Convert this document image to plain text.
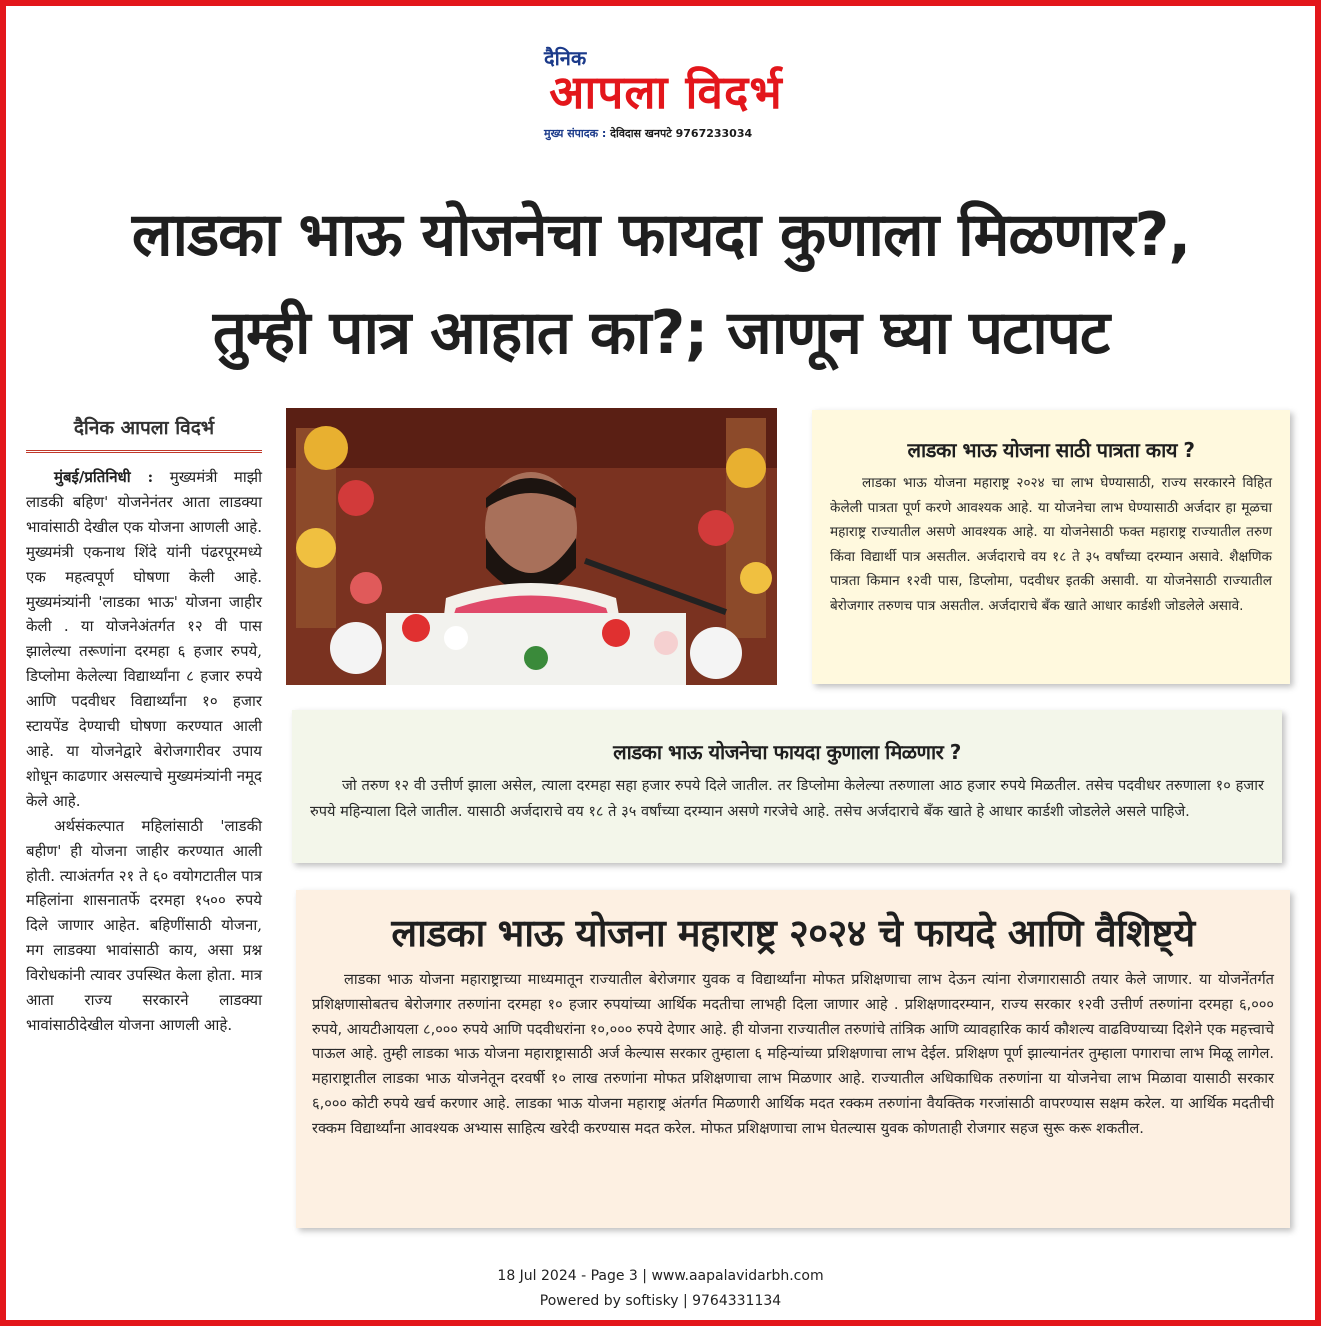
दैनिक

आपला विदर्भ

मुख्य संपादक : देविदास खनपटे 9767233034

लाडका भाऊ योजनेचा फायदा कुणाला मिळणार?,
तुम्ही पात्र आहात का?; जाणून घ्या पटापट

दैनिक आपला विदर्भ

मुंबई/प्रतिनिधी : मुख्यमंत्री माझी लाडकी बहिण' योजनेनंतर आता लाडक्या भावांसाठी देखील एक योजना आणली आहे. मुख्यमंत्री एकनाथ शिंदे यांनी पंढरपूरमध्ये एक महत्वपूर्ण घोषणा केली आहे. मुख्यमंत्र्यांनी 'लाडका भाऊ' योजना जाहीर केली . या योजनेअंतर्गत १२ वी पास झालेल्या तरूणांना दरमहा ६ हजार रुपये, डिप्लोमा केलेल्या विद्यार्थ्यांना ८ हजार रुपये आणि पदवीधर विद्यार्थ्यांना १० हजार स्टायपेंड देण्याची घोषणा करण्यात आली आहे. या योजनेद्वारे बेरोजगारीवर उपाय शोधून काढणार असल्याचे मुख्यमंत्र्यांनी नमूद केले आहे.

अर्थसंकल्पात महिलांसाठी 'लाडकी बहीण' ही योजना जाहीर करण्यात आली होती. त्याअंतर्गत २१ ते ६० वयोगटातील पात्र महिलांना शासनातर्फे दरमहा १५०० रुपये दिले जाणार आहेत. बहिणींसाठी योजना, मग लाडक्या भावांसाठी काय, असा प्रश्न विरोधकांनी त्यावर उपस्थित केला होता. मात्र आता राज्य सरकारने लाडक्या भावांसाठीदेखील योजना आणली आहे.

लाडका भाऊ योजना साठी पात्रता काय ?

लाडका भाऊ योजना महाराष्ट्र २०२४ चा लाभ घेण्यासाठी, राज्य सरकारने विहित केलेली पात्रता पूर्ण करणे आवश्यक आहे. या योजनेचा लाभ घेण्यासाठी अर्जदार हा मूळचा महाराष्ट्र राज्यातील असणे आवश्यक आहे. या योजनेसाठी फक्त महाराष्ट्र राज्यातील तरुण किंवा विद्यार्थी पात्र असतील. अर्जदाराचे वय १८ ते ३५ वर्षांच्या दरम्यान असावे. शैक्षणिक पात्रता किमान १२वी पास, डिप्लोमा, पदवीधर इतकी असावी. या योजनेसाठी राज्यातील बेरोजगार तरुणच पात्र असतील. अर्जदाराचे बँक खाते आधार कार्डशी जोडलेले असावे.

लाडका भाऊ योजनेचा फायदा कुणाला मिळणार ?

जो तरुण १२ वी उत्तीर्ण झाला असेल, त्याला दरमहा सहा हजार रुपये दिले जातील. तर डिप्लोमा केलेल्या तरुणाला आठ हजार रुपये मिळतील. तसेच पदवीधर तरुणाला १० हजार रुपये महिन्याला दिले जातील. यासाठी अर्जदाराचे वय १८ ते ३५ वर्षांच्या दरम्यान असणे गरजेचे आहे. तसेच अर्जदाराचे बँक खाते हे आधार कार्डशी जोडलेले असले पाहिजे.

लाडका भाऊ योजना महाराष्ट्र २०२४ चे फायदे आणि वैशिष्ट्ये

लाडका भाऊ योजना महाराष्ट्राच्या माध्यमातून राज्यातील बेरोजगार युवक व विद्यार्थ्यांना मोफत प्रशिक्षणाचा लाभ देऊन त्यांना रोजगारासाठी तयार केले जाणार. या योजनेंतर्गत प्रशिक्षणासोबतच बेरोजगार तरुणांना दरमहा १० हजार रुपयांच्या आर्थिक मदतीचा लाभही दिला जाणार आहे . प्रशिक्षणादरम्यान, राज्य सरकार १२वी उत्तीर्ण तरुणांना दरमहा ६,००० रुपये, आयटीआयला ८,००० रुपये आणि पदवीधरांना १०,००० रुपये देणार आहे. ही योजना राज्यातील तरुणांचे तांत्रिक आणि व्यावहारिक कार्य कौशल्य वाढविण्याच्या दिशेने एक महत्त्वाचे पाऊल आहे. तुम्ही लाडका भाऊ योजना महाराष्ट्रासाठी अर्ज केल्यास सरकार तुम्हाला ६ महिन्यांच्या प्रशिक्षणाचा लाभ देईल. प्रशिक्षण पूर्ण झाल्यानंतर तुम्हाला पगाराचा लाभ मिळू लागेल. महाराष्ट्रातील लाडका भाऊ योजनेतून दरवर्षी १० लाख तरुणांना मोफत प्रशिक्षणाचा लाभ मिळणार आहे. राज्यातील अधिकाधिक तरुणांना या योजनेचा लाभ मिळावा यासाठी सरकार ६,००० कोटी रुपये खर्च करणार आहे. लाडका भाऊ योजना महाराष्ट्र अंतर्गत मिळणारी आर्थिक मदत रक्कम तरुणांना वैयक्तिक गरजांसाठी वापरण्यास सक्षम करेल. या आर्थिक मदतीची रक्कम विद्यार्थ्यांना आवश्यक अभ्यास साहित्य खरेदी करण्यास मदत करेल. मोफत प्रशिक्षणाचा लाभ घेतल्यास युवक कोणताही रोजगार सहज सुरू करू शकतील.

18 Jul 2024 - Page 3 | www.aapalavidarbh.com

Powered by softisky | 9764331134
